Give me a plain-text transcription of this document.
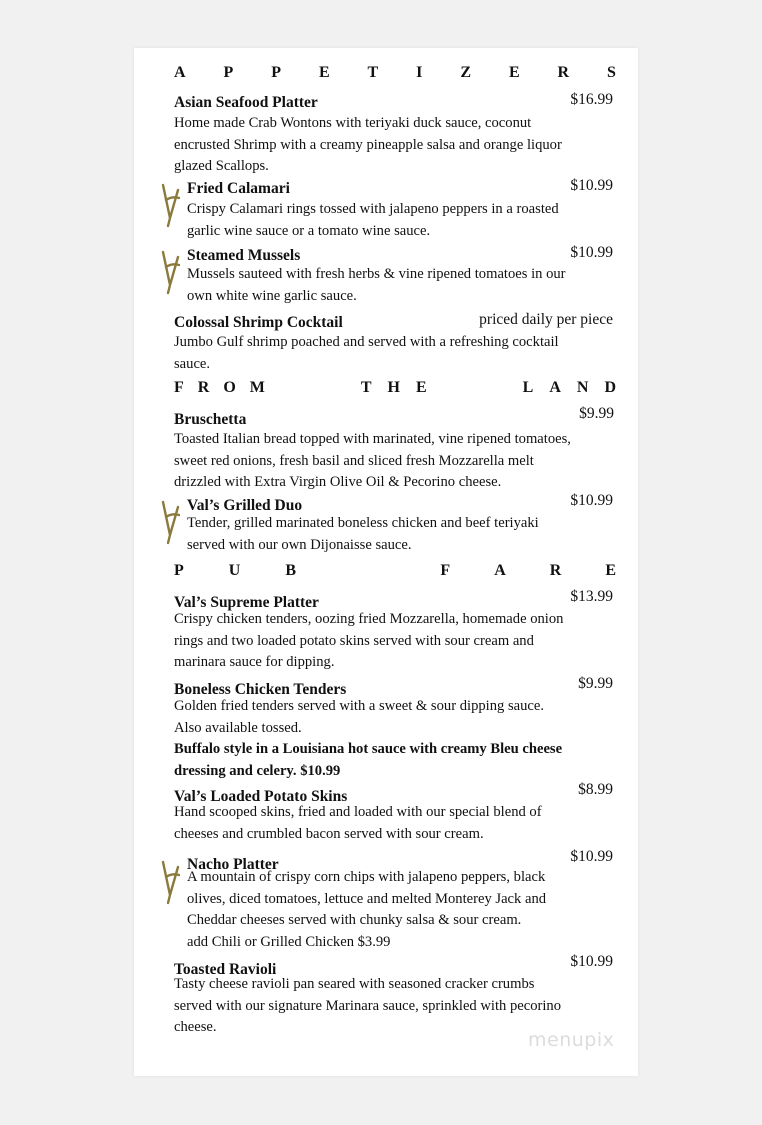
A P P E T I Z E R S
Asian Seafood Platter	$16.99
Home made Crab Wontons with teriyaki duck sauce, coconut
encrusted Shrimp with a creamy pineapple salsa and orange liquor
glazed Scallops.
Fried Calamari	$10.99
Crispy Calamari rings tossed with jalapeno peppers in a roasted
garlic wine sauce or a tomato wine sauce.
Steamed Mussels	$10.99
Mussels sauteed with fresh herbs & vine ripened tomatoes in our
own white wine garlic sauce.
Colossal Shrimp Cocktail	priced daily per piece
Jumbo Gulf shrimp poached and served with a refreshing cocktail
sauce.
F R O M	T H E	L A N D
Bruschetta	$9.99
Toasted Italian bread topped with marinated, vine ripened tomatoes,
sweet red onions, fresh basil and sliced fresh Mozzarella melt
drizzled with Extra Virgin Olive Oil & Pecorino cheese.
Val’s Grilled Duo	$10.99
Tender, grilled marinated boneless chicken and beef teriyaki
served with our own Dijonaisse sauce.
P	U	B	F	A	R	E
Val’s Supreme Platter	$13.99
Crispy chicken tenders, oozing fried Mozzarella, homemade onion
rings and two loaded potato skins served with sour cream and
marinara sauce for dipping.
Boneless Chicken Tenders	$9.99
Golden fried tenders served with a sweet & sour dipping sauce.
Also available tossed.
Buffalo style in a Louisiana hot sauce with creamy Bleu cheese
dressing and celery. $10.99
Val’s Loaded Potato Skins	$8.99
Hand scooped skins, fried and loaded with our special blend of
cheeses and crumbled bacon served with sour cream.
Nacho Platter	$10.99
A mountain of crispy corn chips with jalapeno peppers, black
olives, diced tomatoes, lettuce and melted Monterey Jack and
Cheddar cheeses served with chunky salsa & sour cream.
add Chili or Grilled Chicken $3.99
Toasted Ravioli	$10.99
Tasty cheese ravioli pan seared with seasoned cracker crumbs
served with our signature Marinara sauce, sprinkled with pecorino
cheese.
menupix
